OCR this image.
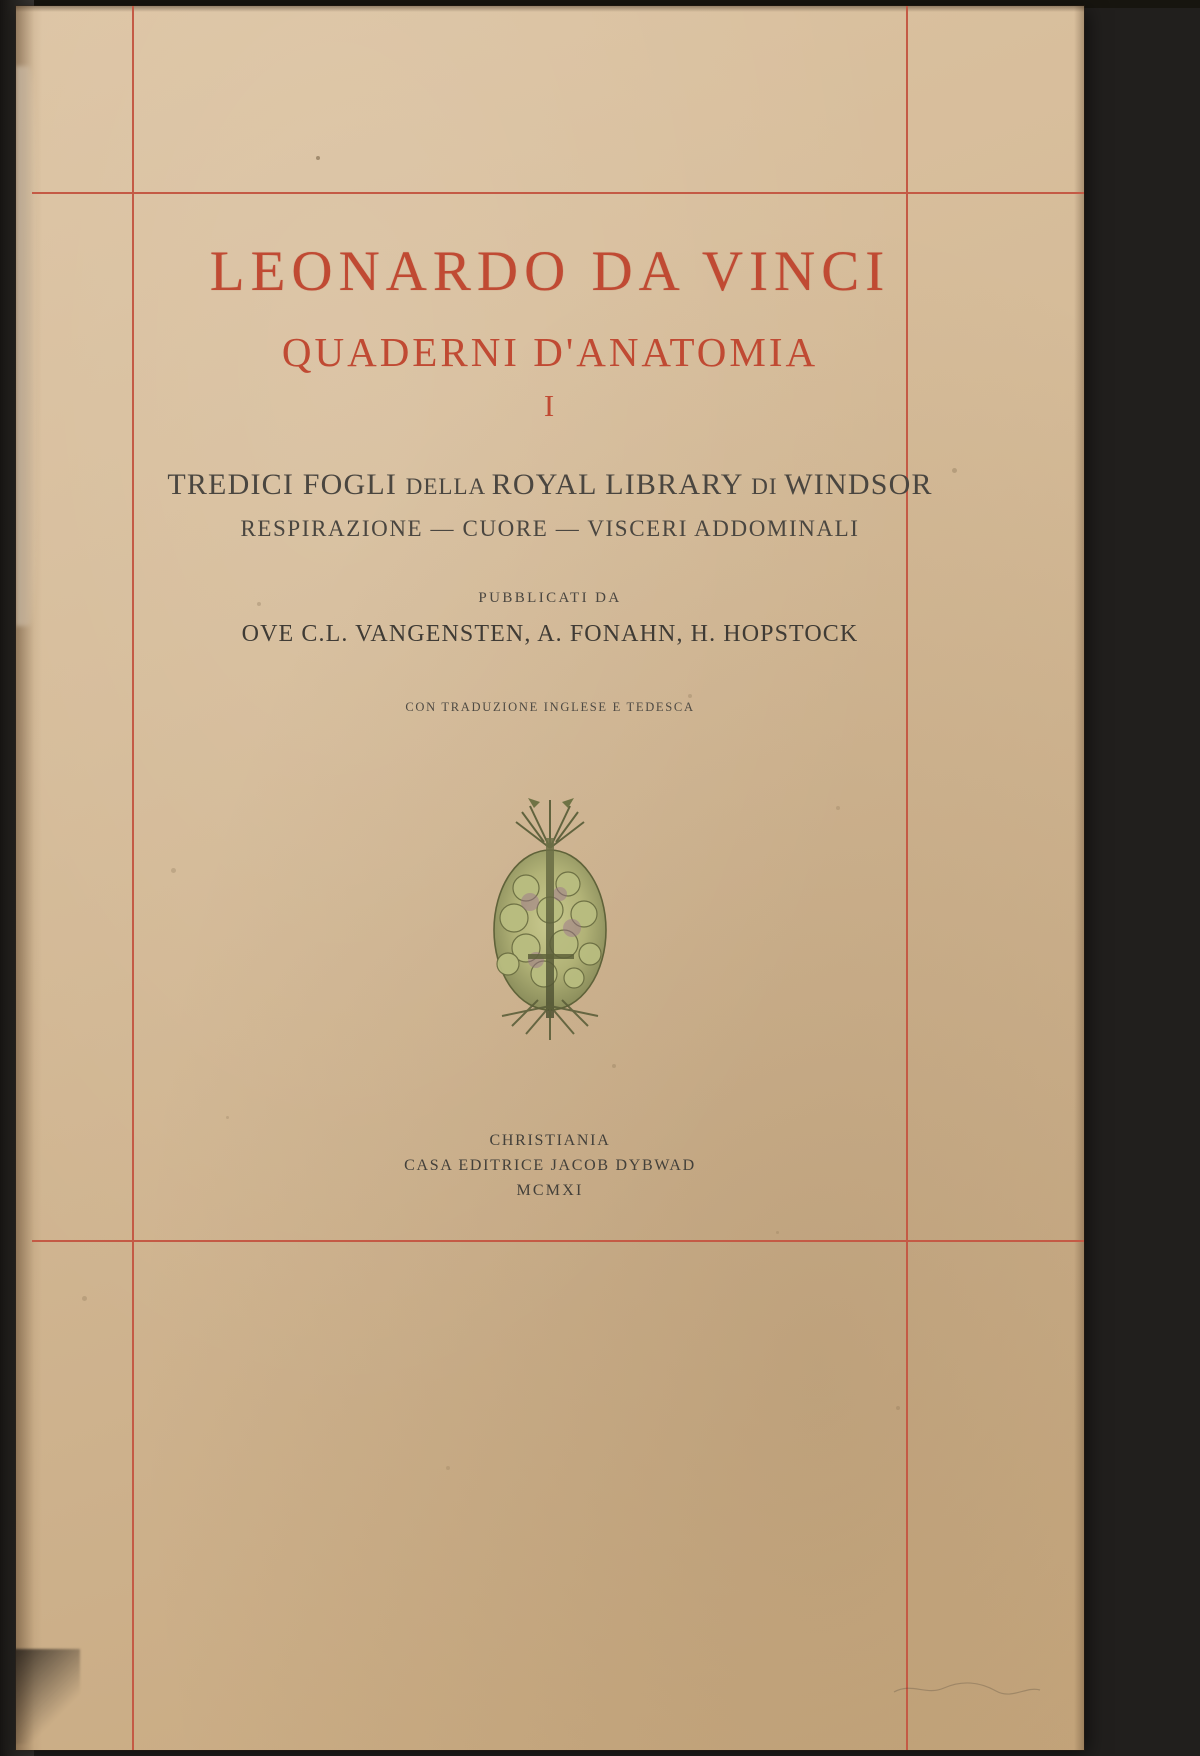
LEONARDO DA VINCI
QUADERNI D'ANATOMIA
I
TREDICI FOGLI DELLA ROYAL LIBRARY DI WINDSOR
RESPIRAZIONE — CUORE — VISCERI ADDOMINALI
PUBBLICATI DA
OVE C.L. VANGENSTEN, A. FONAHN, H. HOPSTOCK
CON TRADUZIONE INGLESE E TEDESCA
CHRISTIANIA
CASA EDITRICE JACOB DYBWAD
MCMXI
